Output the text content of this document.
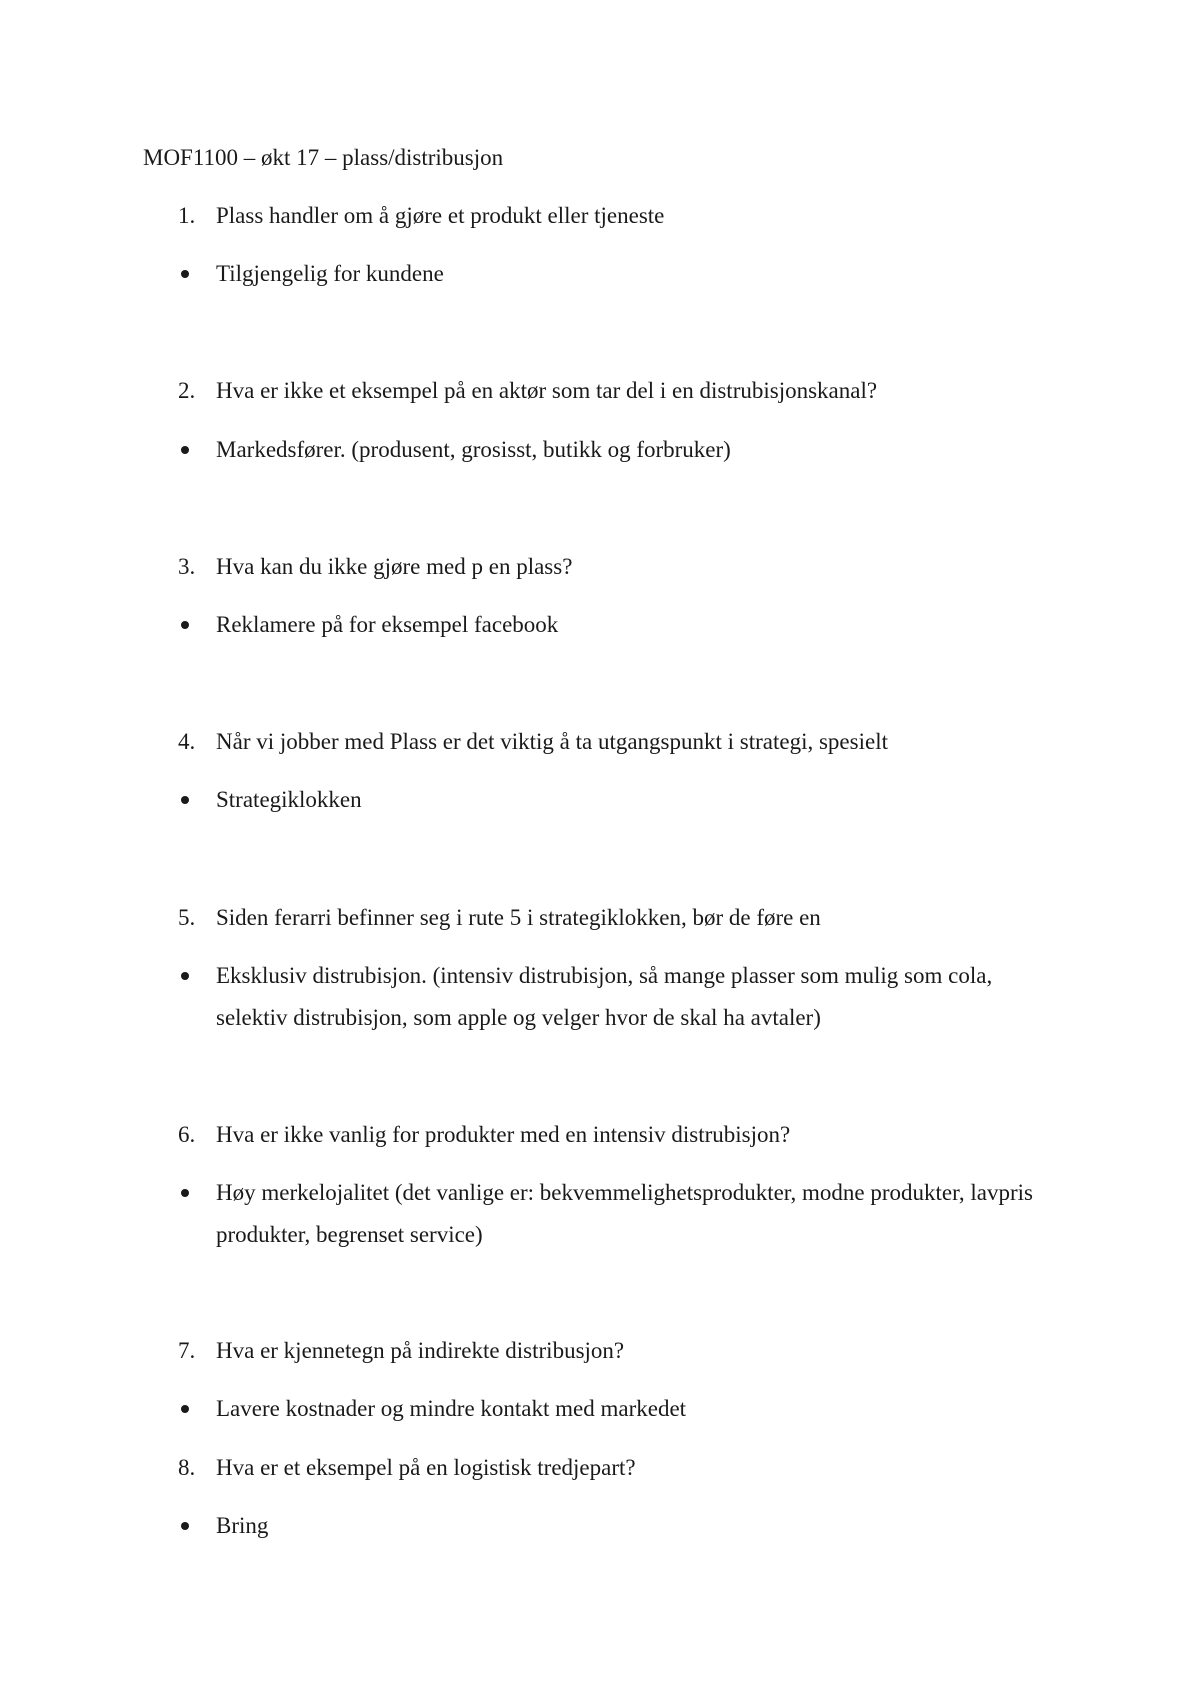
MOF1100 – økt 17 – plass/distribusjon
1. Plass handler om å gjøre et produkt eller tjeneste
Tilgjengelig for kundene
2. Hva er ikke et eksempel på en aktør som tar del i en distrubisjonskanal?
Markedsfører. (produsent, grosisst, butikk og forbruker)
3. Hva kan du ikke gjøre med p en plass?
Reklamere på for eksempel facebook
4. Når vi jobber med Plass er det viktig å ta utgangspunkt i strategi, spesielt
Strategiklokken
5. Siden ferarri befinner seg i rute 5 i strategiklokken, bør de føre en
Eksklusiv distrubisjon. (intensiv distrubisjon, så mange plasser som mulig som cola, selektiv distrubisjon, som apple og velger hvor de skal ha avtaler)
6. Hva er ikke vanlig for produkter med en intensiv distrubisjon?
Høy merkelojalitet (det vanlige er: bekvemmelighetsprodukter, modne produkter, lavpris produkter, begrenset service)
7. Hva er kjennetegn på indirekte distribusjon?
Lavere kostnader og mindre kontakt med markedet
8. Hva er et eksempel på en logistisk tredjepart?
Bring
